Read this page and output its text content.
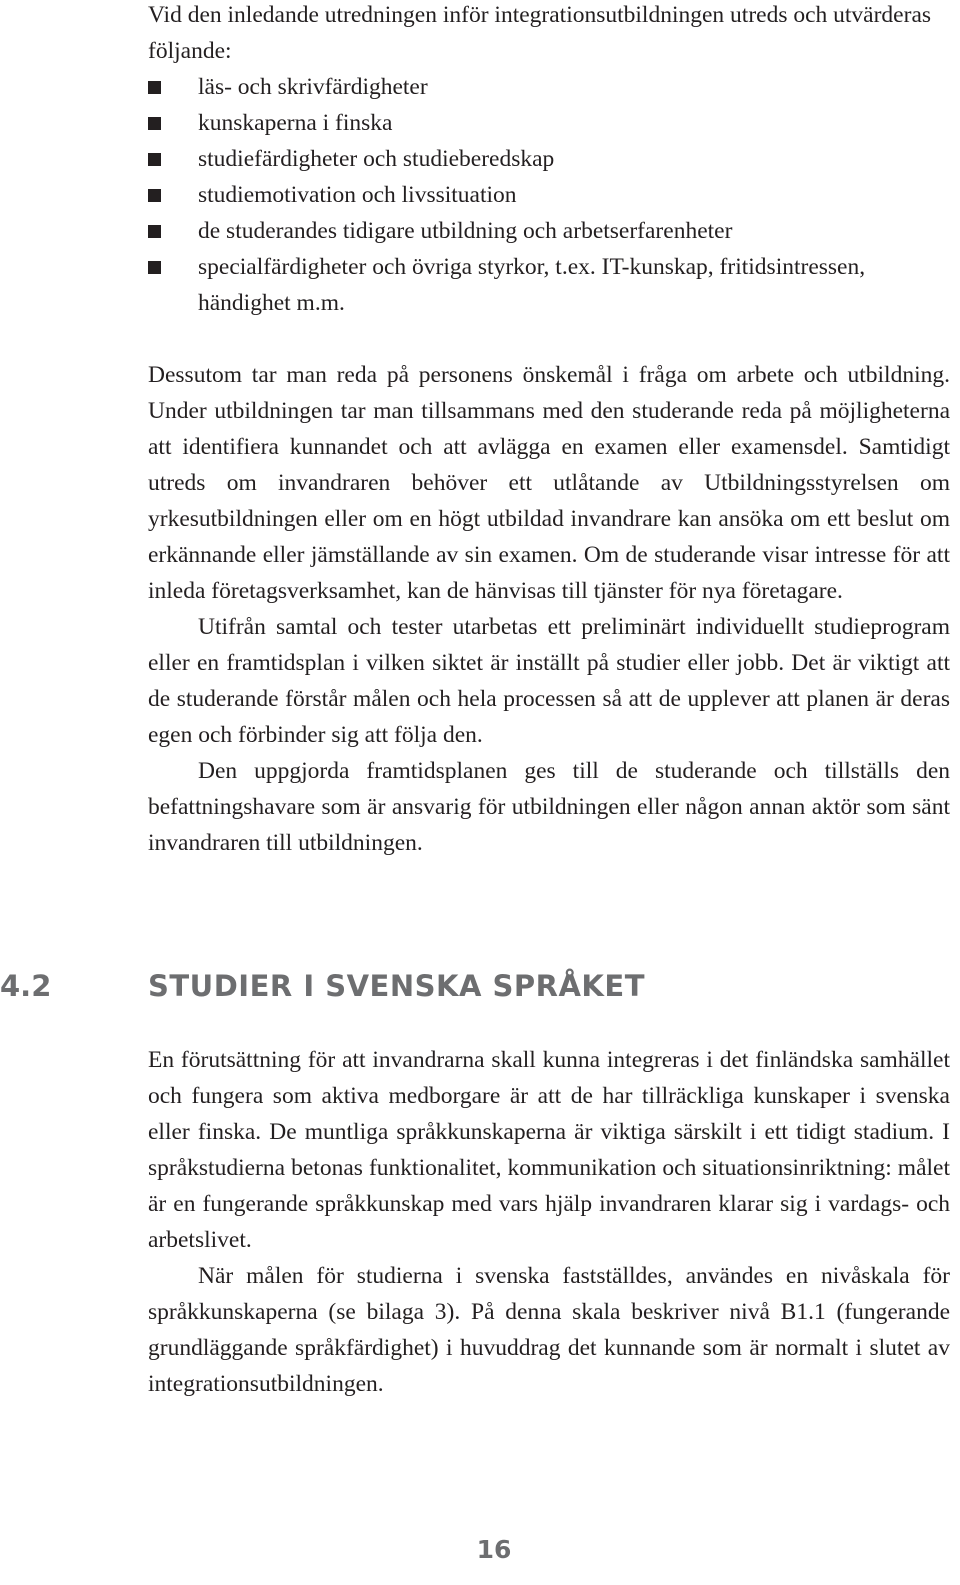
Vid den inledande utredningen inför integrationsutbildningen utreds och utvärderas följande:

läs- och skrivfärdigheter
kunskaperna i finska
studiefärdigheter och studieberedskap
studiemotivation och livssituation
de studerandes tidigare utbildning och arbetserfarenheter
specialfärdigheter och övriga styrkor, t.ex. IT-kunskap, fritidsintressen, händighet m.m.

Dessutom tar man reda på personens önskemål i fråga om arbete och utbildning. Under utbildningen tar man tillsammans med den studerande reda på möjligheterna att identifiera kunnandet och att avlägga en examen eller examensdel. Samtidigt utreds om invandraren behöver ett utlåtande av Utbildningsstyrelsen om yrkesutbildningen eller om en högt utbildad invandrare kan ansöka om ett beslut om erkännande eller jämställande av sin examen. Om de studerande visar intresse för att inleda företagsverksamhet, kan de hänvisas till tjänster för nya företagare.

Utifrån samtal och tester utarbetas ett preliminärt individuellt studieprogram eller en framtidsplan i vilken siktet är inställt på studier eller jobb. Det är viktigt att de studerande förstår målen och hela processen så att de upplever att planen är deras egen och förbinder sig att följa den.

Den uppgjorda framtidsplanen ges till de studerande och tillställs den befattningshavare som är ansvarig för utbildningen eller någon annan aktör som sänt invandraren till utbildningen.

4.2	STUDIER I SVENSKA SPRÅKET

En förutsättning för att invandrarna skall kunna integreras i det finländska samhället och fungera som aktiva medborgare är att de har tillräckliga kunskaper i svenska eller finska. De muntliga språkkunskaperna är viktiga särskilt i ett tidigt stadium. I språkstudierna betonas funktionalitet, kommunikation och situationsinriktning: målet är en fungerande språkkunskap med vars hjälp invandraren klarar sig i vardags- och arbetslivet.

När målen för studierna i svenska fastställdes, användes en nivåskala för språkkunskaperna (se bilaga 3). På denna skala beskriver nivå B1.1 (fungerande grundläggande språkfärdighet) i huvuddrag det kunnande som är normalt i slutet av integrationsutbildningen.

16
